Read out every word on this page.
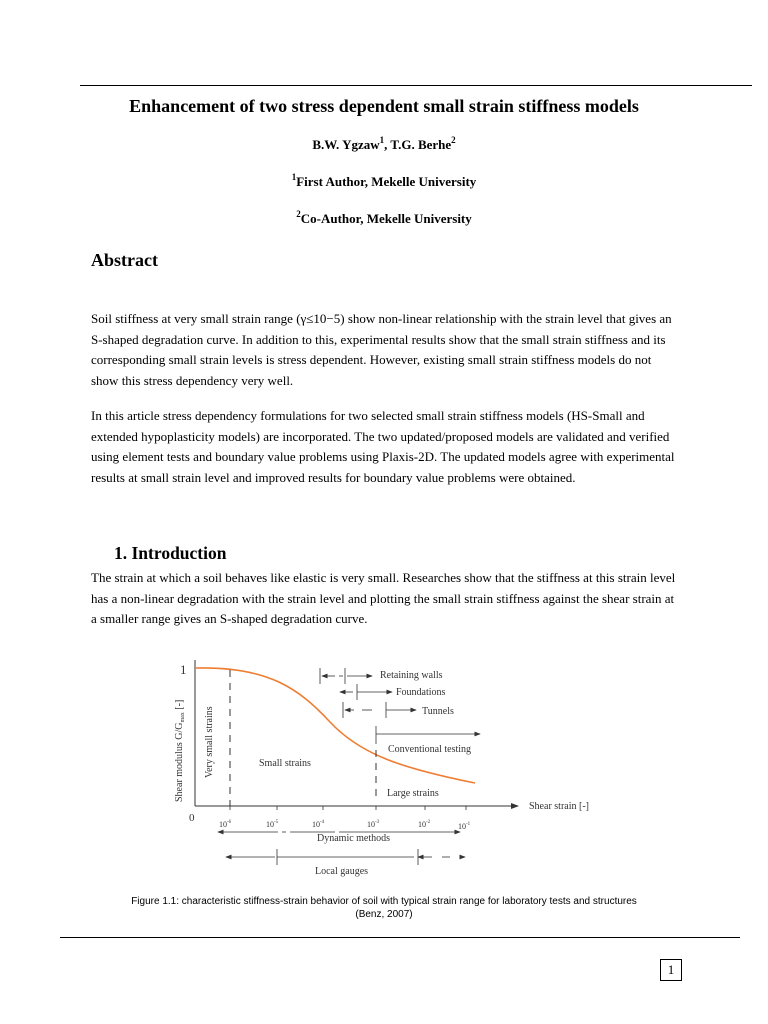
Enhancement of two stress dependent small strain stiffness models
B.W. Ygzaw$^1$, T.G. Berhe$^2$
$^1$First Author, Mekelle University
$^2$Co-Author, Mekelle University
Abstract

Soil stiffness at very small strain range (γ≤10−5) show non-linear relationship with the strain level that gives an S-shaped degradation curve. In addition to this, experimental results show that the small strain stiffness and its corresponding small strain levels is stress dependent. However, existing small strain stiffness models do not show this stress dependency very well.

In this article stress dependency formulations for two selected small strain stiffness models (HS-Small and extended hypoplasticity models) are incorporated. The two updated/proposed models are validated and verified using element tests and boundary value problems using Plaxis-2D. The updated models agree with experimental results at small strain level and improved results for boundary value problems were obtained.

1. Introduction

The strain at which a soil behaves like elastic is very small. Researches show that the stiffness at this strain level has a non-linear degradation with the strain level and plotting the small strain stiffness against the shear strain at a smaller range gives an S-shaped degradation curve.

1
0
Shear modulus $G/G_{max}$ [-]
Shear strain [-]
$10^{-6}$	$10^{-5}$	$10^{-4}$	$10^{-3}$	$10^{-2}$	$10^{-1}$
Very small strains	Small strains
Large strains
Retaining walls
Foundations
Tunnels
Conventional testing
Dynamic methods
Local gauges
Figure 1.1: characteristic stiffness-strain behavior of soil with typical strain range for laboratory tests and structures
(Benz, 2007)
1
